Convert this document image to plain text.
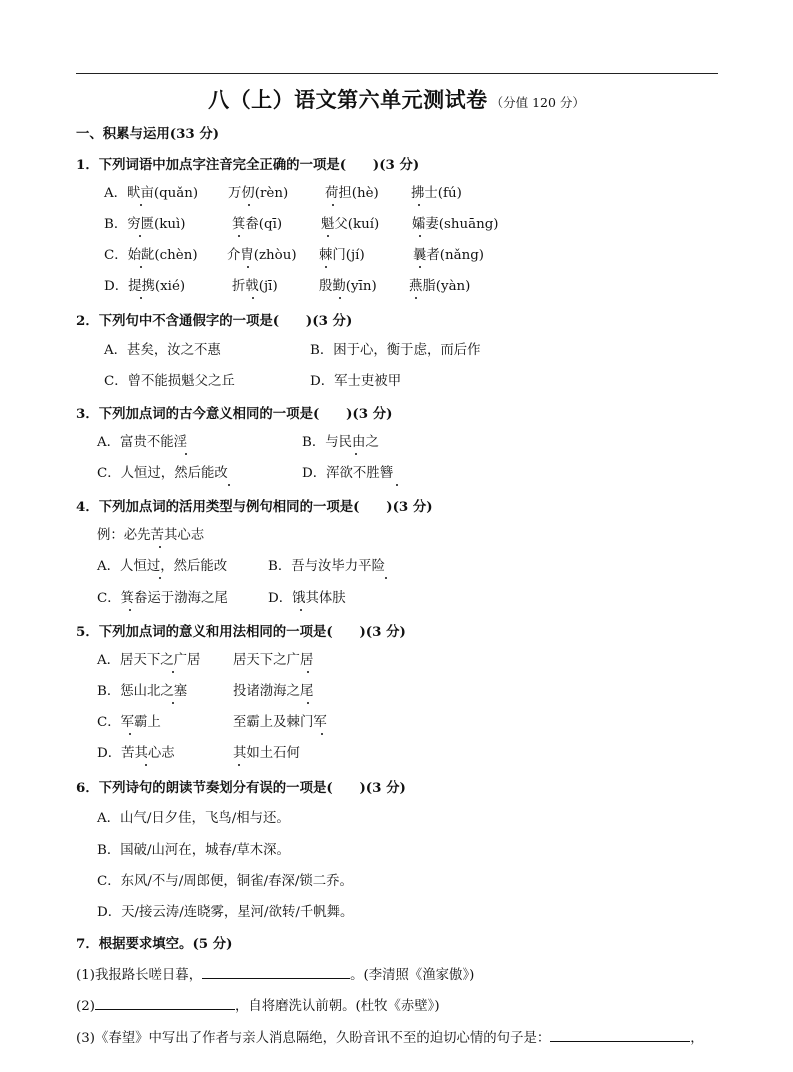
八（上）语文第六单元测试卷 （分值 120 分）
一、积累与运用(33 分)
1．下列词语中加点字注音完全正确的一项是(　　)(3 分)
A．畎亩(quǎn) 万仞(rèn)	荷担(hè) 拂士(fú)
B．穷匮(kuì)	箕畚(qī)	魁父(kuí) 孀妻(shuāng)
C．始龀(chèn) 介胄(zhòu) 棘门(jí)	曩者(nǎng)
D．提携(xié)	折戟(jī)	殷勤(yīn) 燕脂(yàn)
2．下列句中不含通假字的一项是(　　)(3 分)
A．甚矣，汝之不惠	B．困于心，衡于虑，而后作
C．曾不能损魁父之丘	D．军士吏被甲
3．下列加点词的古今意义相同的一项是(　　)(3 分)
A．富贵不能淫	B．与民由之
C．人恒过，然后能改	D．浑欲不胜簪
4．下列加点词的活用类型与例句相同的一项是(　　)(3 分)
例：必先苦其心志
A．人恒过，然后能改	B．吾与汝毕力平险
C．箕畚运于渤海之尾	D．饿其体肤
5．下列加点词的意义和用法相同的一项是(　　)(3 分)
A．居天下之广居 居天下之广居
B．惩山北之塞	投诸渤海之尾
C．军霸上	至霸上及棘门军
D．苦其心志	其如土石何
6．下列诗句的朗读节奏划分有误的一项是(　　)(3 分)
A．山气/日夕佳，飞鸟/相与还。
B．国破/山河在，城春/草木深。
C．东风/不与/周郎便，铜雀/春深/锁二乔。
D．天/接云涛/连晓雾，星河/欲转/千帆舞。
7．根据要求填空。(5 分)
(1)我报路长嗟日暮，	。(李清照《渔家傲》)
(2)	，自将磨洗认前朝。(杜牧《赤壁》)
(3)《春望》中写出了作者与亲人消息隔绝，久盼音讯不至的迫切心情的句子是：	，
